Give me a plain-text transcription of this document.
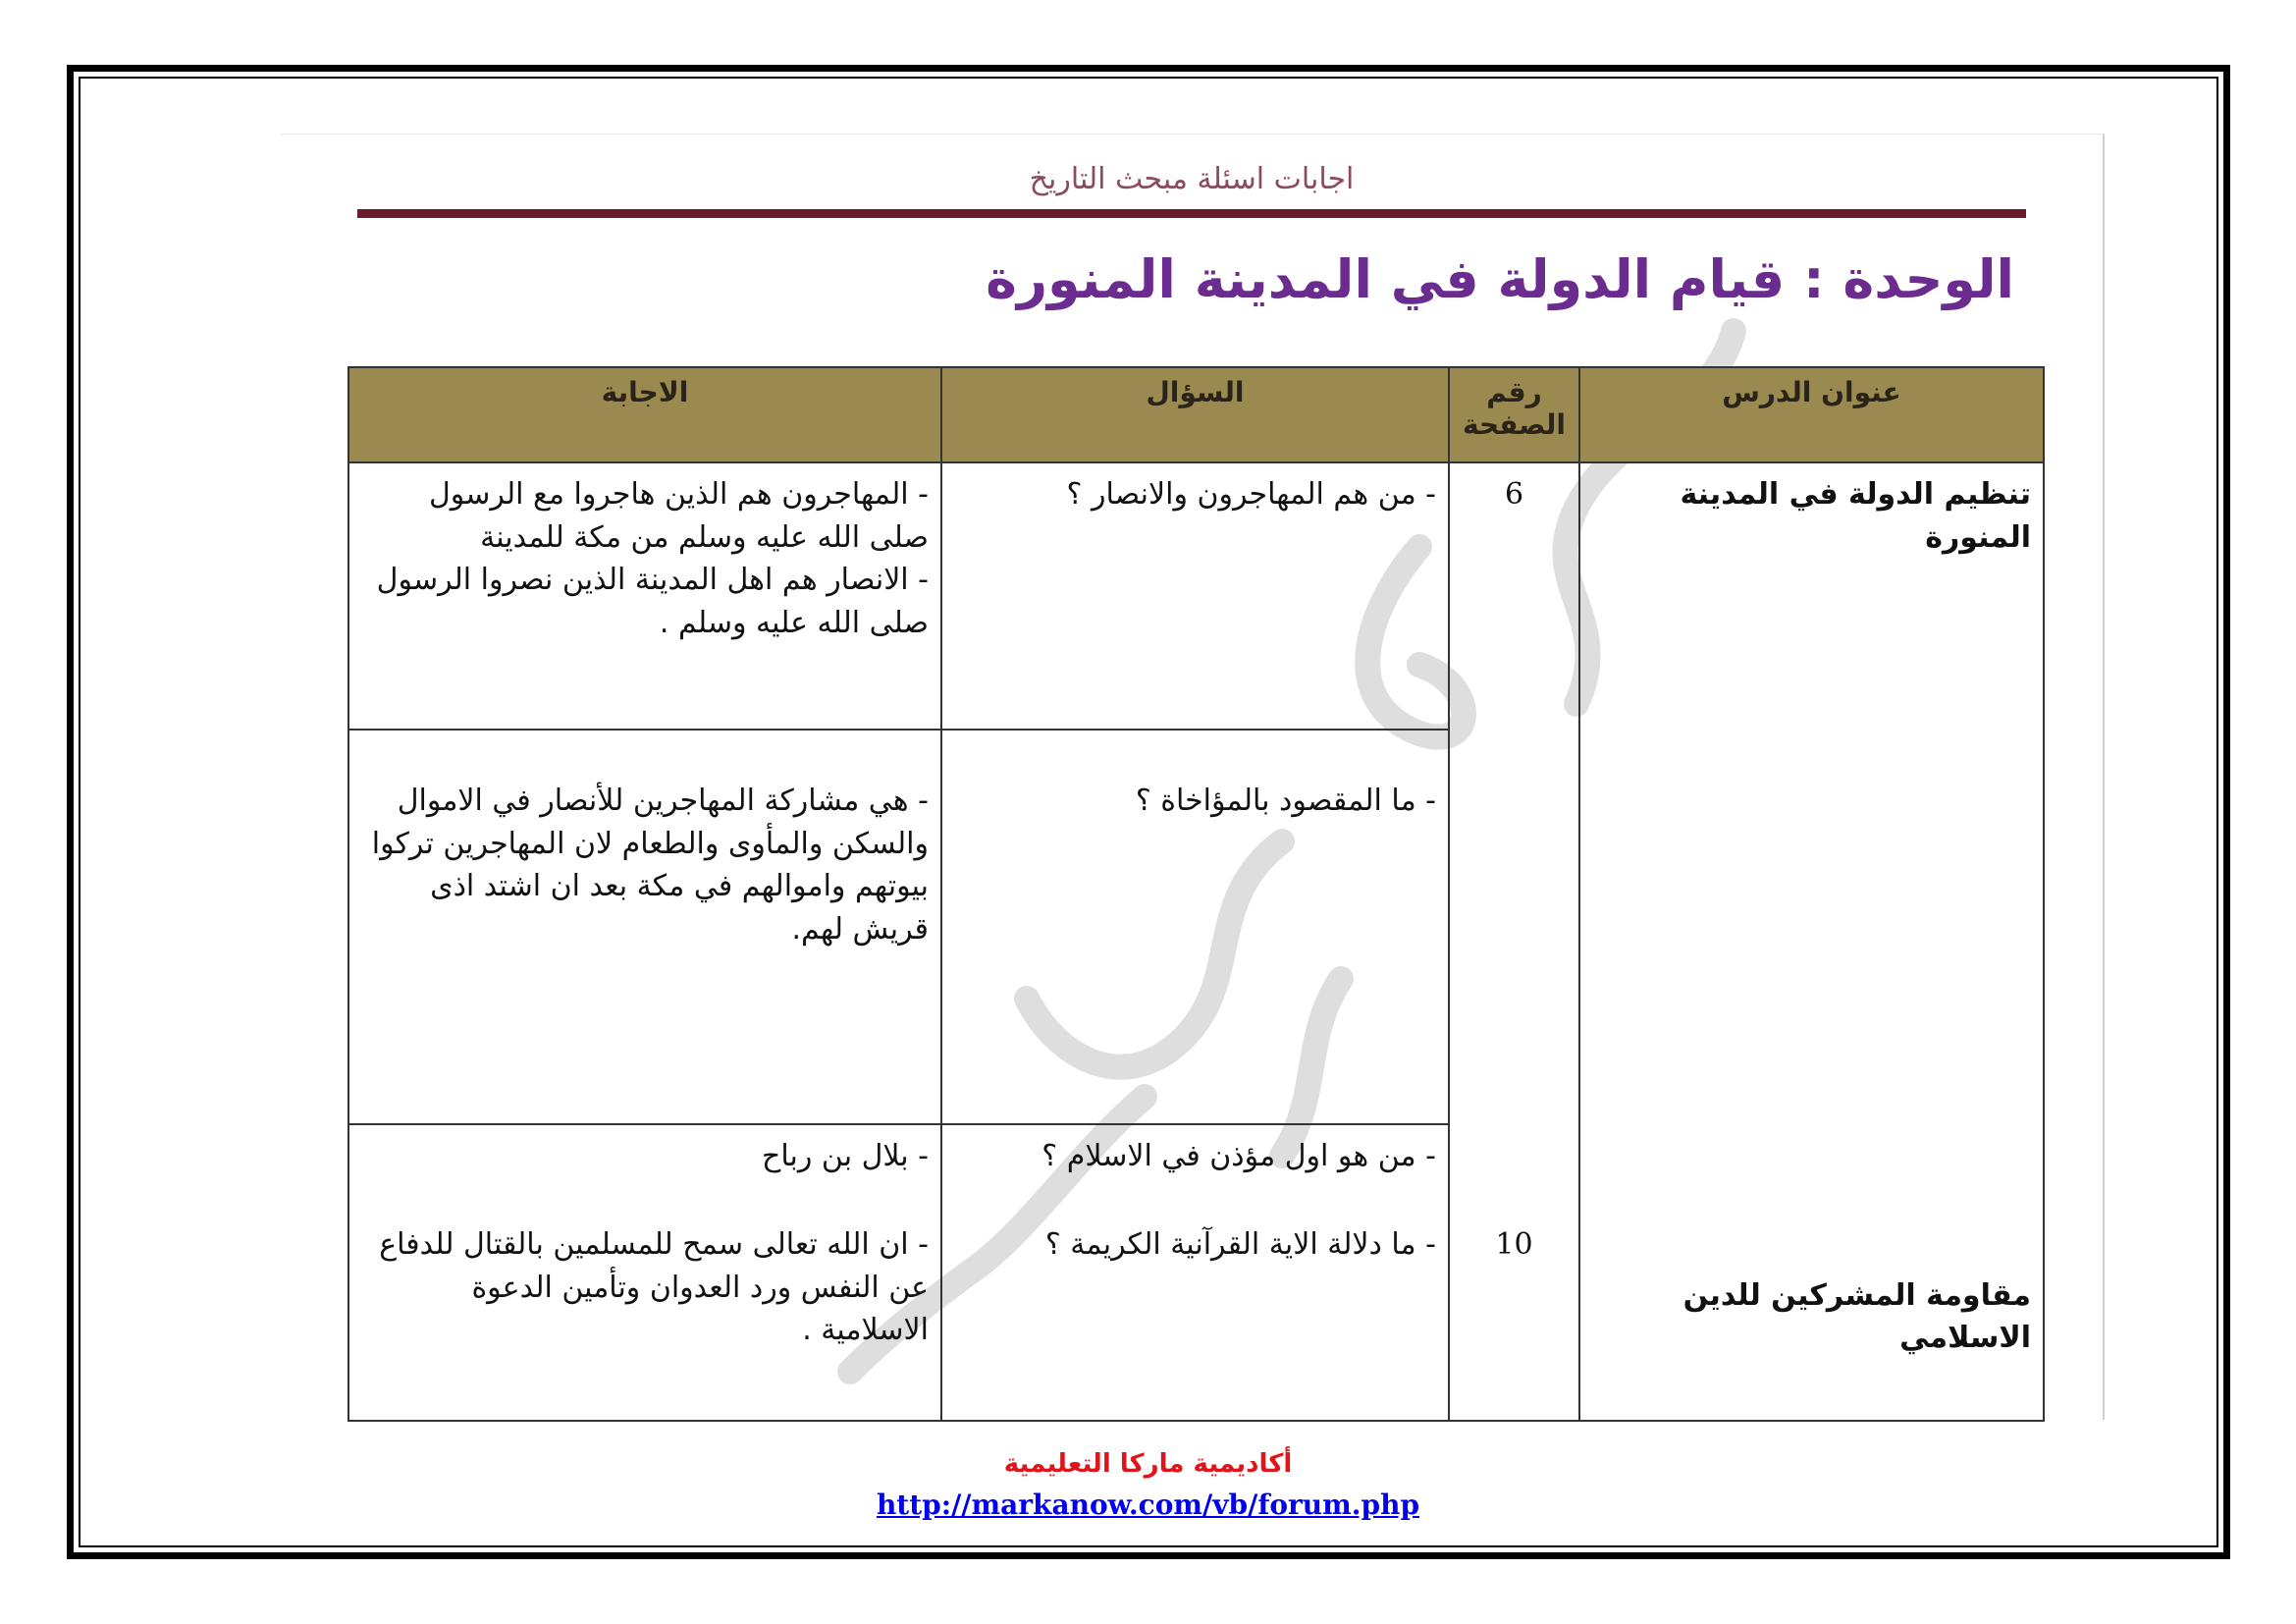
اجابات اسئلة مبحث التاريخ
الوحدة : قيام الدولة في المدينة المنورة
عنوان الدرس	رقم الصفحة	السؤال	الاجابة
تنظيم الدولة في المدينة المنورة	6	- من هم المهاجرون والانصار ؟	- المهاجرون هم الذين هاجروا مع الرسول صلى الله عليه وسلم من مكة للمدينة
- الانصار هم اهل المدينة الذين نصروا الرسول صلى الله عليه وسلم .
		- ما المقصود بالمؤاخاة ؟	- هي مشاركة المهاجرين للأنصار في الاموال والسكن والمأوى والطعام لان المهاجرين تركوا بيوتهم واموالهم في مكة بعد ان اشتد اذى قريش لهم.
		- من هو اول مؤذن في الاسلام ؟	- بلال بن رباح
مقاومة المشركين للدين الاسلامي	10	- ما دلالة الاية القرآنية الكريمة ؟	- ان الله تعالى سمح للمسلمين بالقتال للدفاع عن النفس ورد العدوان وتأمين الدعوة الاسلامية .
أكاديمية ماركا التعليمية
http://markanow.com/vb/forum.php
